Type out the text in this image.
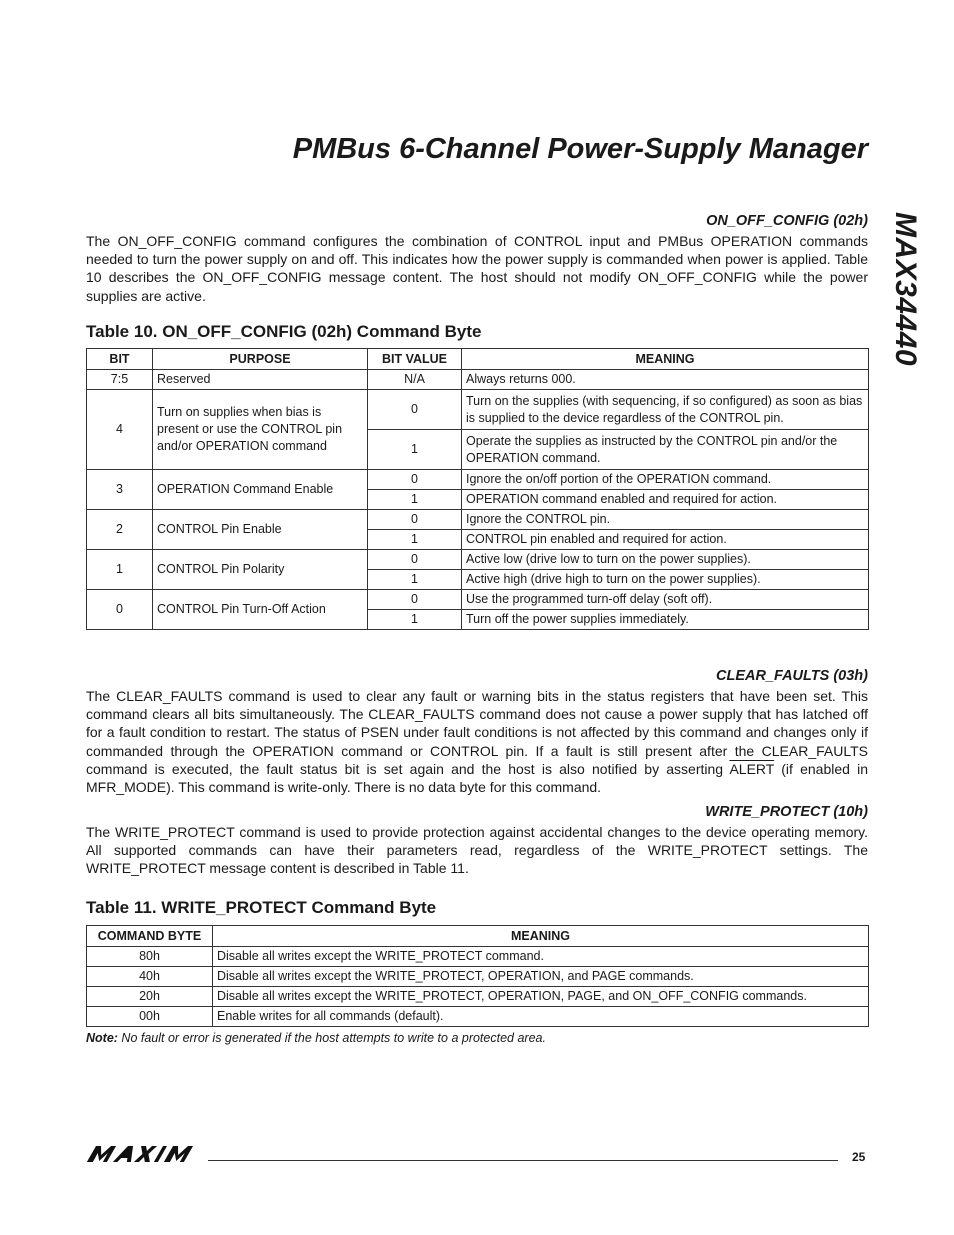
PMBus 6-Channel Power-Supply Manager
MAX34440
ON_OFF_CONFIG (02h)

The ON_OFF_CONFIG command configures the combination of CONTROL input and PMBus OPERATION commands needed to turn the power supply on and off. This indicates how the power supply is commanded when power is applied. Table 10 describes the ON_OFF_CONFIG message content. The host should not modify ON_OFF_CONFIG while the power supplies are active.

Table 10. ON_OFF_CONFIG (02h) Command Byte
BIT	PURPOSE	BIT VALUE	MEANING
7:5	Reserved	N/A	Always returns 000.
4	Turn on supplies when bias is present or use the CONTROL pin and/or OPERATION command	0	Turn on the supplies (with sequencing, if so configured) as soon as bias is supplied to the device regardless of the CONTROL pin.
		1	Operate the supplies as instructed by the CONTROL pin and/or the OPERATION command.
3	OPERATION Command Enable	0	Ignore the on/off portion of the OPERATION command.
		1	OPERATION command enabled and required for action.
2	CONTROL Pin Enable	0	Ignore the CONTROL pin.
		1	CONTROL pin enabled and required for action.
1	CONTROL Pin Polarity	0	Active low (drive low to turn on the power supplies).
		1	Active high (drive high to turn on the power supplies).
0	CONTROL Pin Turn-Off Action	0	Use the programmed turn-off delay (soft off).
		1	Turn off the power supplies immediately.
CLEAR_FAULTS (03h)

The CLEAR_FAULTS command is used to clear any fault or warning bits in the status registers that have been set. This command clears all bits simultaneously. The CLEAR_FAULTS command does not cause a power supply that has latched off for a fault condition to restart. The status of PSEN under fault conditions is not affected by this command and changes only if commanded through the OPERATION command or CONTROL pin. If a fault is still present after the CLEAR_FAULTS command is executed, the fault status bit is set again and the host is also notified by asserting ALERT (if enabled in MFR_MODE). This command is write-only. There is no data byte for this command.

WRITE_PROTECT (10h)

The WRITE_PROTECT command is used to provide protection against accidental changes to the device operating memory. All supported commands can have their parameters read, regardless of the WRITE_PROTECT settings. The WRITE_PROTECT message content is described in Table 11.

Table 11. WRITE_PROTECT Command Byte
COMMAND BYTE	MEANING
80h	Disable all writes except the WRITE_PROTECT command.
40h	Disable all writes except the WRITE_PROTECT, OPERATION, and PAGE commands.
20h	Disable all writes except the WRITE_PROTECT, OPERATION, PAGE, and ON_OFF_CONFIG commands.
00h	Enable writes for all commands (default).

Note: No fault or error is generated if the host attempts to write to a protected area.

25
